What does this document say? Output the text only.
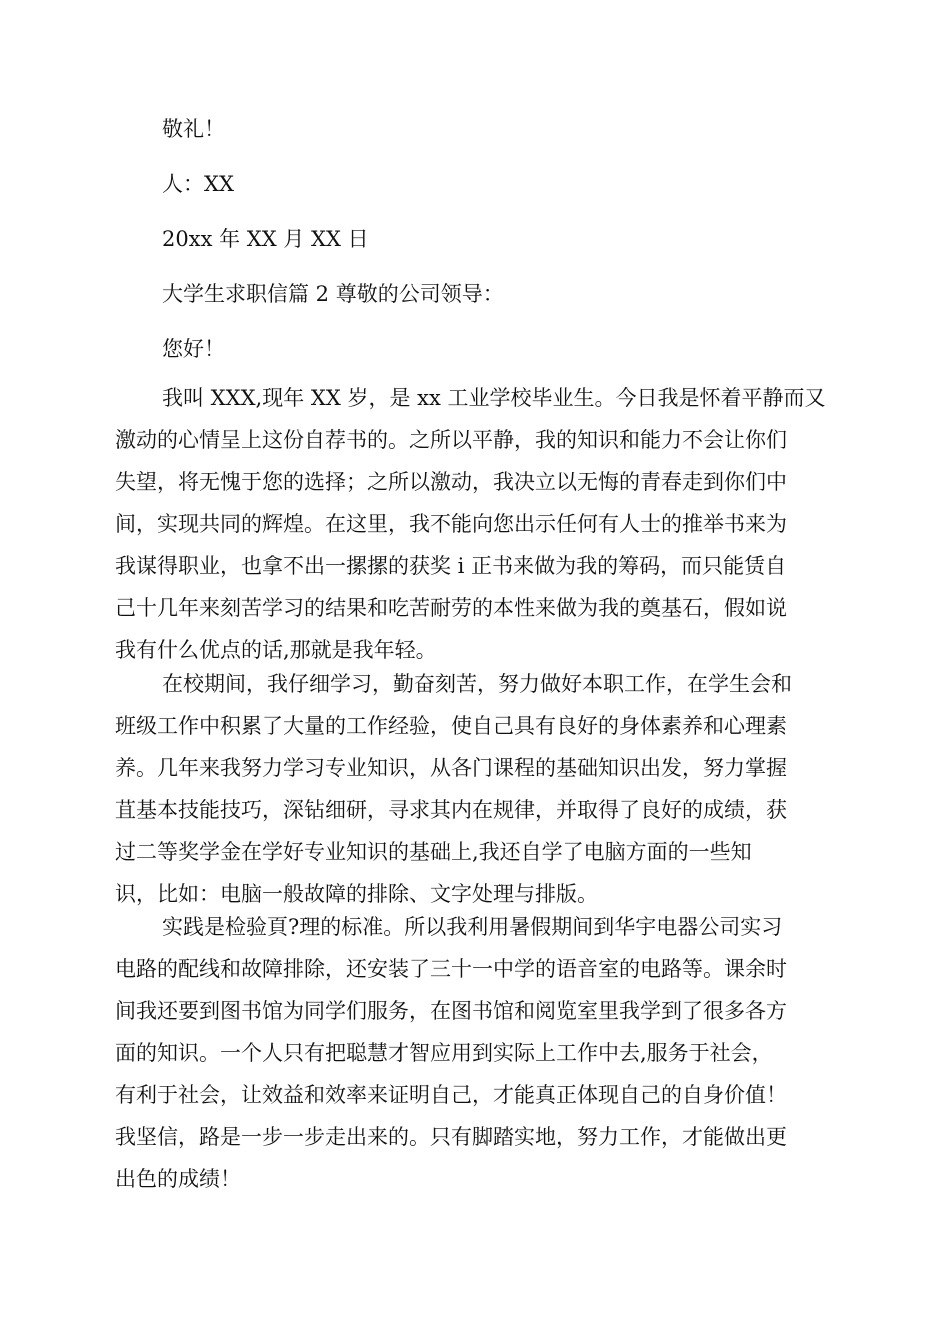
敬礼！

人：XX

20xx 年 XX 月 XX 日

大学生求职信篇 2 尊敬的公司领导：

您好！

我叫 XXX,现年 XX 岁，是 xx 工业学校毕业生。今日我是怀着平静而又
激动的心情呈上这份自荐书的。之所以平静，我的知识和能力不会让你们
失望，将无愧于您的选择；之所以激动，我决立以无悔的青春走到你们中
间，实现共同的辉煌。在这里，我不能向您出示任何有人士的推举书来为
我谋得职业，也拿不出一摞摞的获奖 i 正书来做为我的筹码，而只能赁自
己十几年来刻苦学习的结果和吃苦耐劳的本性来做为我的奠基石，假如说
我有什么优点的话,那就是我年轻。
在校期间，我仔细学习，勤奋刻苦，努力做好本职工作，在学生会和
班级工作中积累了大量的工作经验，使自己具有良好的身体素养和心理素
养。几年来我努力学习专业知识，从各门课程的基础知识出发，努力掌握
苴基本技能技巧，深钻细研，寻求其内在规律，并取得了良好的成绩，获
过二等奖学金在学好专业知识的基础上,我还自学了电脑方面的一些知
识，比如：电脑一般故障的排除、文字处理与排版。
实践是检验頁?理的标准。所以我利用暑假期间到华宇电器公司实习
电路的配线和故障排除，还安装了三十一中学的语音室的电路等。课余时
间我还要到图书馆为同学们服务，在图书馆和阅览室里我学到了很多各方
面的知识。一个人只有把聪慧才智应用到实际上工作中去,服务于社会，
有利于社会，让效益和效率来证明自己，才能真正体现自己的自身价值！
我坚信，路是一步一步走出来的。只有脚踏实地，努力工作，才能做出更
出色的成绩！
